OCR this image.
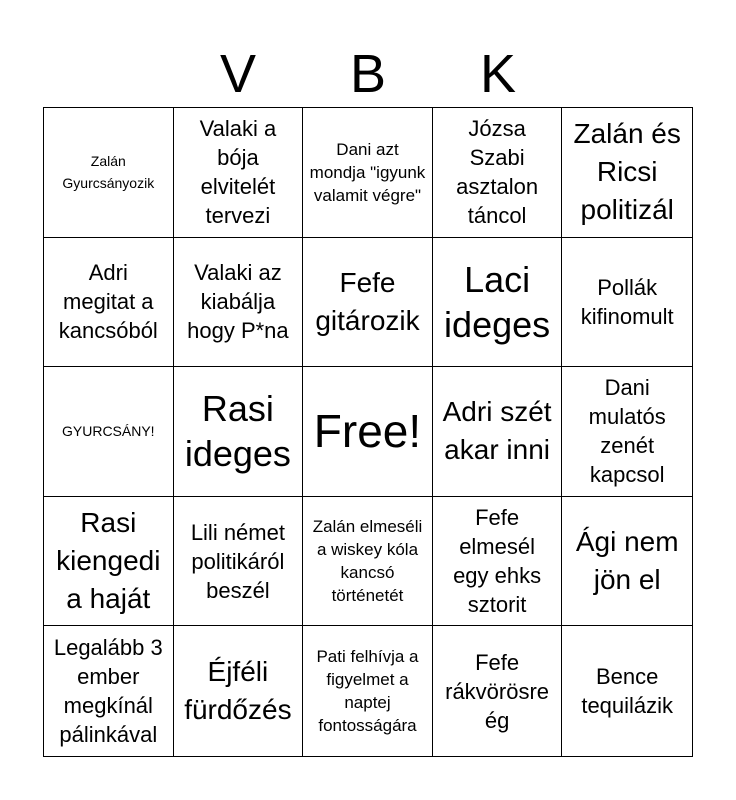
V	B	K
Zalán Gyurcsányozik
Valaki a bója elvitelét tervezi
Dani azt mondja "igyunk valamit végre"
Józsa Szabi asztalon táncol
Zalán és Ricsi politizál
Adri megitat a kancsóból
Valaki az kiabálja hogy P*na
Fefe gitározik
Laci ideges
Pollák kifinomult
GYURCSÁNY!
Rasi ideges Free! Adri szét akar inni
Dani mulatós zenét kapcsol
Rasi kiengedi a haját
Lili német politikáról beszél
Zalán elmeséli a wiskey kóla kancsó történetét
Fefe elmesél egy ehks sztorit
Ági nem jön el
Legalább 3 ember megkínál pálinkával
Éjféli fürdőzés
Pati felhívja a figyelmet a naptej fontosságára
Fefe rákvörösre ég
Bence tequilázik
